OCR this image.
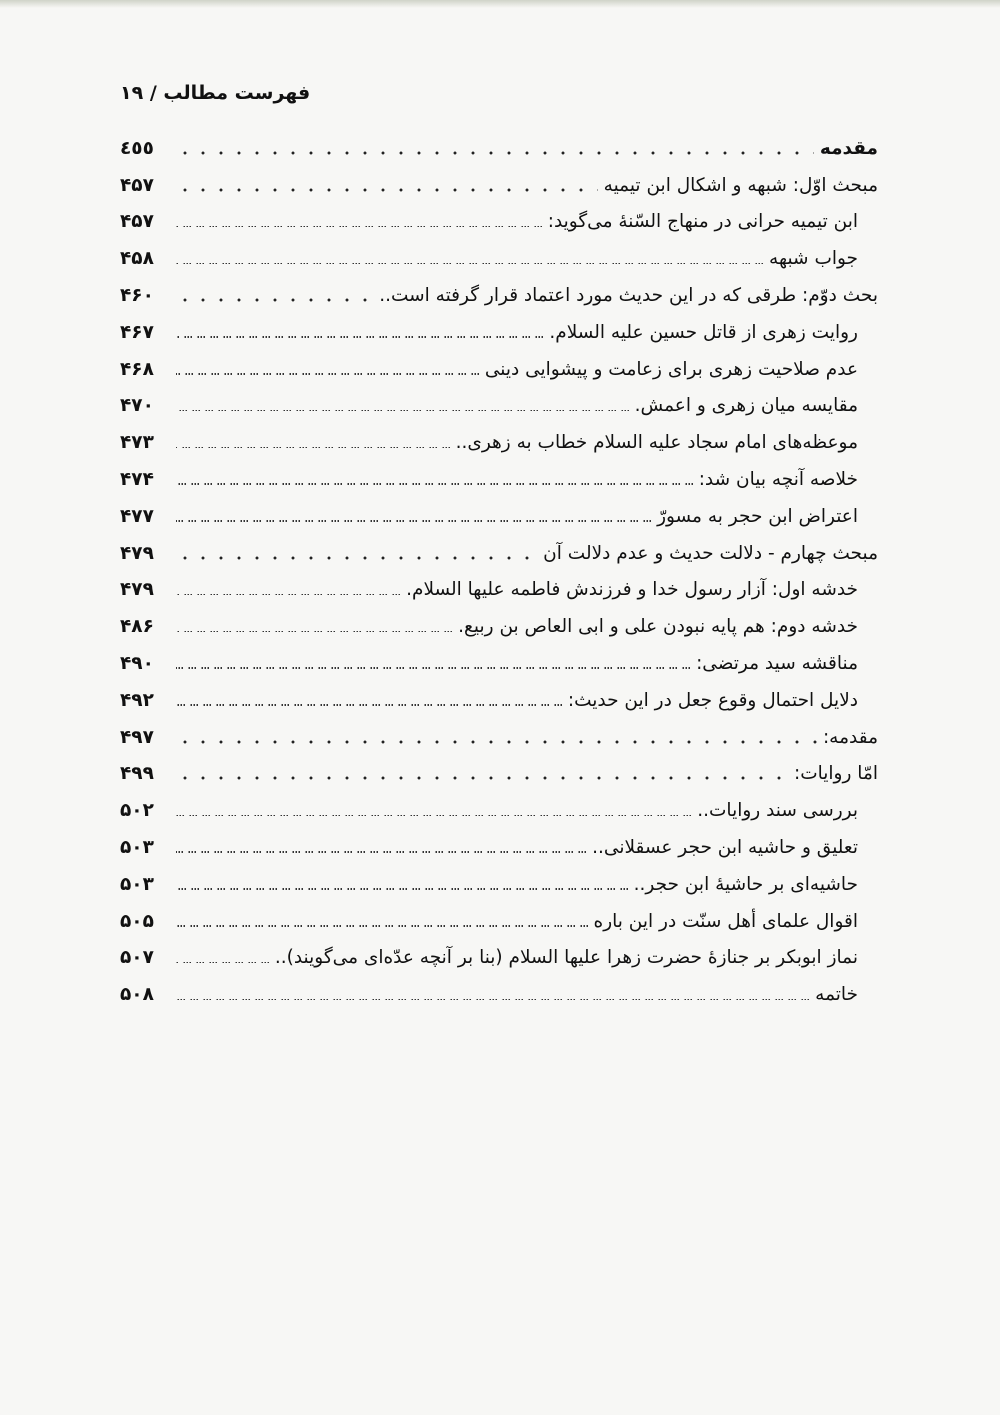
فهرست مطالب / ۱۹
مقدمه
٤٥٥
مبحث اوّل: شبهه و اشکال ابن تیمیه
۴۵۷
ابن تیمیه حرانی در منهاج السّنهٔ می‌گوید:
۴۵۷
جواب شبهه
۴۵۸
بحث دوّم: طرقی که در این حدیث مورد اعتماد قرار گرفته است..
۴۶۰
روایت زهری از قاتل حسین عليه السلام.
۴۶۷
عدم صلاحیت زهری برای زعامت و پیشوایی دینی
۴۶۸
مقایسه میان زهری و اعمش.
۴۷۰
موعظه‌های امام سجاد عليه السلام خطاب به زهری..
۴۷۳
خلاصه آنچه بیان شد:
۴۷۴
اعتراض ابن حجر به مسورّ
۴۷۷
مبحث چهارم - دلالت حدیث و عدم دلالت آن
۴۷۹
خدشه اول: آزار رسول خدا و فرزندش فاطمه عليها السلام.
۴۷۹
خدشه دوم: هم پایه نبودن علی و ابی العاص بن ربیع.
۴۸۶
مناقشه سید مرتضی:
۴۹۰
دلایل احتمال وقوع جعل در این حدیث:
۴۹۲
مقدمه:
۴۹۷
امّا روایات:
۴۹۹
بررسی سند روایات..
۵۰۲
تعلیق و حاشیه ابن حجر عسقلانی..
۵۰۳
حاشیه‌ای بر حاشیهٔ ابن حجر..
۵۰۳
اقوال علمای أهل سنّت در این باره
۵۰۵
نماز ابوبکر بر جنازهٔ حضرت زهرا عليها السلام (بنا بر آنچه عدّه‌ای می‌گویند)..
۵۰۷
خاتمه
۵۰۸
